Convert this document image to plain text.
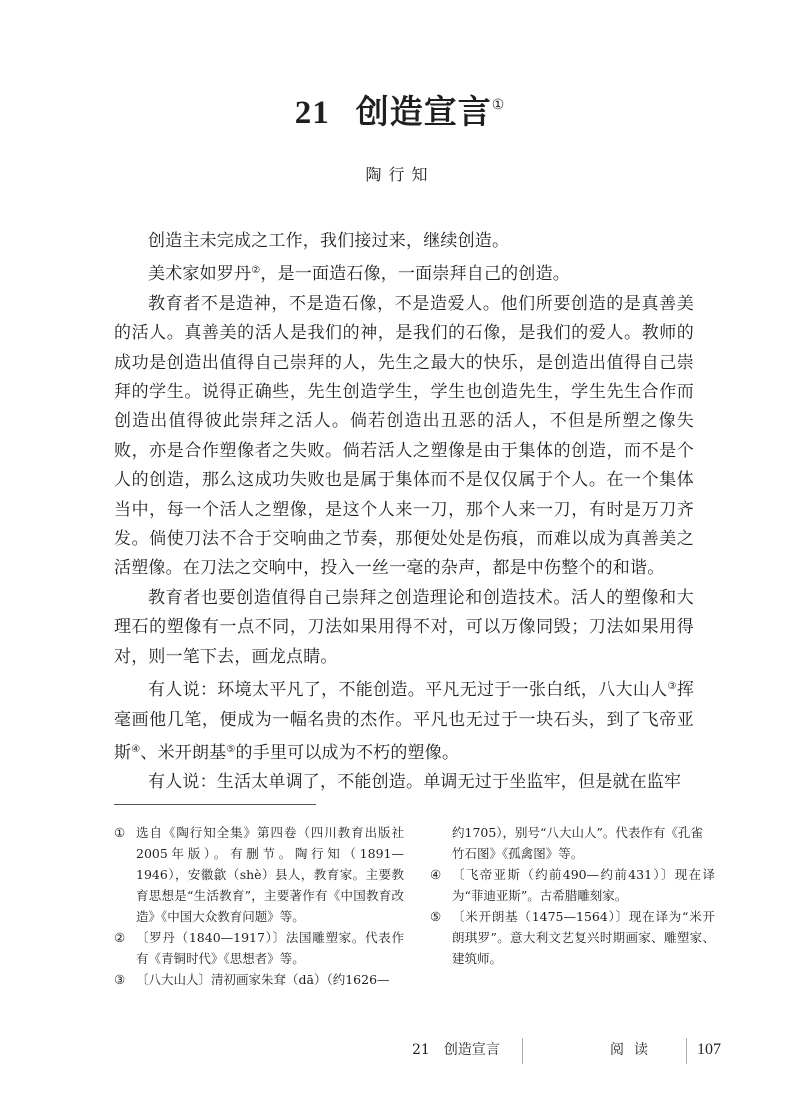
21 创造宣言①
陶行知

创造主未完成之工作，我们接过来，继续创造。

美术家如罗丹②，是一面造石像，一面崇拜自己的创造。

教育者不是造神，不是造石像，不是造爱人。他们所要创造的是真善美的活人。真善美的活人是我们的神，是我们的石像，是我们的爱人。教师的成功是创造出值得自己崇拜的人，先生之最大的快乐，是创造出值得自己崇拜的学生。说得正确些，先生创造学生，学生也创造先生，学生先生合作而创造出值得彼此崇拜之活人。倘若创造出丑恶的活人，不但是所塑之像失败，亦是合作塑像者之失败。倘若活人之塑像是由于集体的创造，而不是个人的创造，那么这成功失败也是属于集体而不是仅仅属于个人。在一个集体当中，每一个活人之塑像，是这个人来一刀，那个人来一刀，有时是万刀齐发。倘使刀法不合于交响曲之节奏，那便处处是伤痕，而难以成为真善美之活塑像。在刀法之交响中，投入一丝一毫的杂声，都是中伤整个的和谐。

教育者也要创造值得自己崇拜之创造理论和创造技术。活人的塑像和大理石的塑像有一点不同，刀法如果用得不对，可以万像同毁；刀法如果用得对，则一笔下去，画龙点睛。

有人说：环境太平凡了，不能创造。平凡无过于一张白纸，八大山人③挥毫画他几笔，便成为一幅名贵的杰作。平凡也无过于一块石头，到了飞帝亚斯④、米开朗基⑤的手里可以成为不朽的塑像。

有人说：生活太单调了，不能创造。单调无过于坐监牢，但是就在监牢

① 选自《陶行知全集》第四卷（四川教育出版社2005年版）。有删节。陶行知（1891—1946），安徽歙（shè）县人，教育家。主要教育思想是“生活教育”，主要著作有《中国教育改造》《中国大众教育问题》等。
② 〔罗丹（1840—1917）〕法国雕塑家。代表作有《青铜时代》《思想者》等。
③ 〔八大山人〕清初画家朱耷（dā）（约1626—

约1705），别号“八大山人”。代表作有《孔雀竹石图》《孤禽图》等。

④ 〔飞帝亚斯（约前490—约前431）〕现在译为“菲迪亚斯”。古希腊雕刻家。
⑤ 〔米开朗基（1475—1564）〕现在译为“米开朗琪罗”。意大利文艺复兴时期画家、雕塑家、建筑师。
21　创造宣言	阅读 107
